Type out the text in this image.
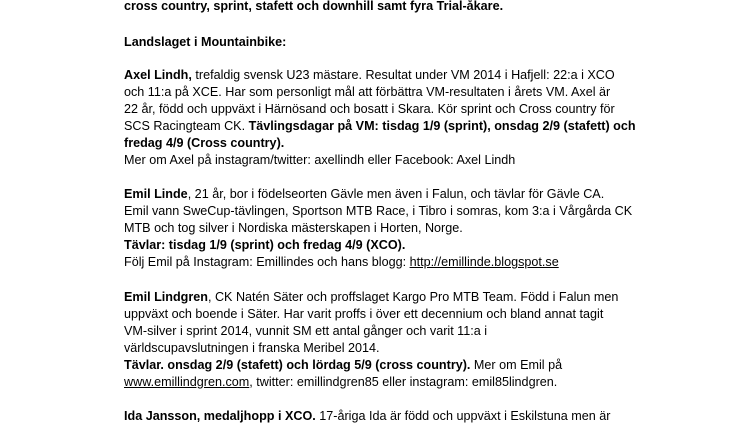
cross country, sprint, stafett och downhill samt fyra Trial-åkare.
Landslaget i Mountainbike:
Axel Lindh, trefaldig svensk U23 mästare. Resultat under VM 2014 i Hafjell: 22:a i XCO
och 11:a på XCE. Har som personligt mål att förbättra VM-resultaten i årets VM. Axel är
22 år, född och uppväxt i Härnösand och bosatt i Skara. Kör sprint och Cross country för
SCS Racingteam CK. Tävlingsdagar på VM: tisdag 1/9 (sprint), onsdag 2/9 (stafett) och
fredag 4/9 (Cross country).
Mer om Axel på instagram/twitter: axellindh eller Facebook: Axel Lindh
Emil Linde, 21 år, bor i födelseorten Gävle men även i Falun, och tävlar för Gävle CA.
Emil vann SweCup-tävlingen, Sportson MTB Race, i Tibro i somras, kom 3:a i Vårgårda CK
MTB och tog silver i Nordiska mästerskapen i Horten, Norge.
Tävlar: tisdag 1/9 (sprint) och fredag 4/9 (XCO).
Följ Emil på Instagram: Emillindes och hans blogg: http://emillinde.blogspot.se
Emil Lindgren, CK Natén Säter och proffslaget Kargo Pro MTB Team. Född i Falun men
uppväxt och boende i Säter. Har varit proffs i över ett decennium och bland annat tagit
VM-silver i sprint 2014, vunnit SM ett antal gånger och varit 11:a i
världscupavslutningen i franska Meribel 2014.
Tävlar. onsdag 2/9 (stafett) och lördag 5/9 (cross country). Mer om Emil på
www.emillindgren.com, twitter: emillindgren85 eller instagram: emil85lindgren.
Ida Jansson, medaljhopp i XCO. 17-åriga Ida är född och uppväxt i Eskilstuna men är
